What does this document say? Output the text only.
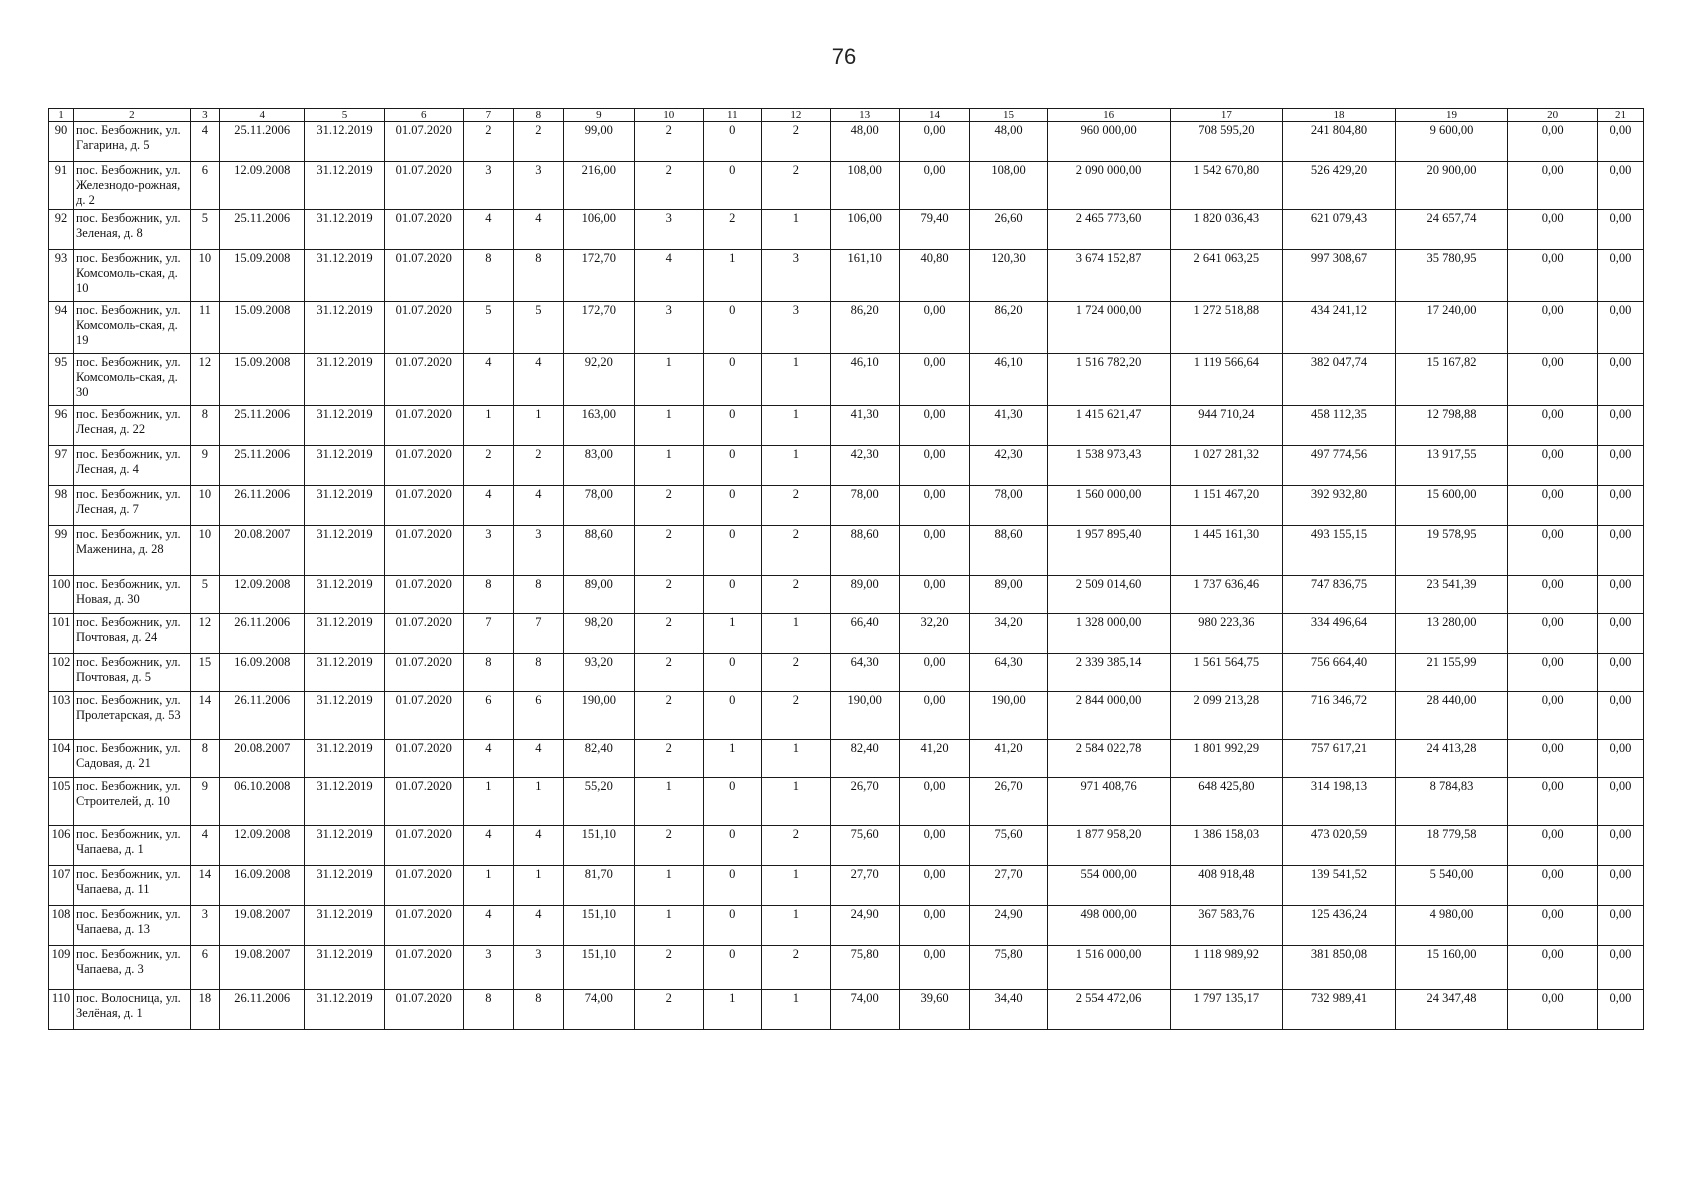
76
1	2	3	4	5	6	7	8	9	10	11	12	13	14	15	16	17	18	19	20	21
90	пос. Безбожник, ул. Гагарина, д. 5	4	25.11.2006	31.12.2019	01.07.2020	2	2	99,00	2	0	2	48,00	0,00	48,00	960 000,00	708 595,20	241 804,80	9 600,00	0,00	0,00
91	пос. Безбожник, ул. Железнодо-рожная, д. 2	6	12.09.2008	31.12.2019	01.07.2020	3	3	216,00	2	0	2	108,00	0,00	108,00	2 090 000,00	1 542 670,80	526 429,20	20 900,00	0,00	0,00
92	пос. Безбожник, ул. Зеленая, д. 8	5	25.11.2006	31.12.2019	01.07.2020	4	4	106,00	3	2	1	106,00	79,40	26,60	2 465 773,60	1 820 036,43	621 079,43	24 657,74	0,00	0,00
93	пос. Безбожник, ул. Комсомоль-ская, д. 10	10	15.09.2008	31.12.2019	01.07.2020	8	8	172,70	4	1	3	161,10	40,80	120,30	3 674 152,87	2 641 063,25	997 308,67	35 780,95	0,00	0,00
94	пос. Безбожник, ул. Комсомоль-ская, д. 19	11	15.09.2008	31.12.2019	01.07.2020	5	5	172,70	3	0	3	86,20	0,00	86,20	1 724 000,00	1 272 518,88	434 241,12	17 240,00	0,00	0,00
95	пос. Безбожник, ул. Комсомоль-ская, д. 30	12	15.09.2008	31.12.2019	01.07.2020	4	4	92,20	1	0	1	46,10	0,00	46,10	1 516 782,20	1 119 566,64	382 047,74	15 167,82	0,00	0,00
96	пос. Безбожник, ул. Лесная, д. 22	8	25.11.2006	31.12.2019	01.07.2020	1	1	163,00	1	0	1	41,30	0,00	41,30	1 415 621,47	944 710,24	458 112,35	12 798,88	0,00	0,00
97	пос. Безбожник, ул. Лесная, д. 4	9	25.11.2006	31.12.2019	01.07.2020	2	2	83,00	1	0	1	42,30	0,00	42,30	1 538 973,43	1 027 281,32	497 774,56	13 917,55	0,00	0,00
98	пос. Безбожник, ул. Лесная, д. 7	10	26.11.2006	31.12.2019	01.07.2020	4	4	78,00	2	0	2	78,00	0,00	78,00	1 560 000,00	1 151 467,20	392 932,80	15 600,00	0,00	0,00
99	пос. Безбожник, ул. Маженина, д. 28	10	20.08.2007	31.12.2019	01.07.2020	3	3	88,60	2	0	2	88,60	0,00	88,60	1 957 895,40	1 445 161,30	493 155,15	19 578,95	0,00	0,00
100	пос. Безбожник, ул. Новая, д. 30	5	12.09.2008	31.12.2019	01.07.2020	8	8	89,00	2	0	2	89,00	0,00	89,00	2 509 014,60	1 737 636,46	747 836,75	23 541,39	0,00	0,00
101	пос. Безбожник, ул. Почтовая, д. 24	12	26.11.2006	31.12.2019	01.07.2020	7	7	98,20	2	1	1	66,40	32,20	34,20	1 328 000,00	980 223,36	334 496,64	13 280,00	0,00	0,00
102	пос. Безбожник, ул. Почтовая, д. 5	15	16.09.2008	31.12.2019	01.07.2020	8	8	93,20	2	0	2	64,30	0,00	64,30	2 339 385,14	1 561 564,75	756 664,40	21 155,99	0,00	0,00
103	пос. Безбожник, ул. Пролетарская, д. 53	14	26.11.2006	31.12.2019	01.07.2020	6	6	190,00	2	0	2	190,00	0,00	190,00	2 844 000,00	2 099 213,28	716 346,72	28 440,00	0,00	0,00
104	пос. Безбожник, ул. Садовая, д. 21	8	20.08.2007	31.12.2019	01.07.2020	4	4	82,40	2	1	1	82,40	41,20	41,20	2 584 022,78	1 801 992,29	757 617,21	24 413,28	0,00	0,00
105	пос. Безбожник, ул. Строителей, д. 10	9	06.10.2008	31.12.2019	01.07.2020	1	1	55,20	1	0	1	26,70	0,00	26,70	971 408,76	648 425,80	314 198,13	8 784,83	0,00	0,00
106	пос. Безбожник, ул. Чапаева, д. 1	4	12.09.2008	31.12.2019	01.07.2020	4	4	151,10	2	0	2	75,60	0,00	75,60	1 877 958,20	1 386 158,03	473 020,59	18 779,58	0,00	0,00
107	пос. Безбожник, ул. Чапаева, д. 11	14	16.09.2008	31.12.2019	01.07.2020	1	1	81,70	1	0	1	27,70	0,00	27,70	554 000,00	408 918,48	139 541,52	5 540,00	0,00	0,00
108	пос. Безбожник, ул. Чапаева, д. 13	3	19.08.2007	31.12.2019	01.07.2020	4	4	151,10	1	0	1	24,90	0,00	24,90	498 000,00	367 583,76	125 436,24	4 980,00	0,00	0,00
109	пос. Безбожник, ул. Чапаева, д. 3	6	19.08.2007	31.12.2019	01.07.2020	3	3	151,10	2	0	2	75,80	0,00	75,80	1 516 000,00	1 118 989,92	381 850,08	15 160,00	0,00	0,00
110	пос. Волосница, ул. Зелёная, д. 1	18	26.11.2006	31.12.2019	01.07.2020	8	8	74,00	2	1	1	74,00	39,60	34,40	2 554 472,06	1 797 135,17	732 989,41	24 347,48	0,00	0,00
